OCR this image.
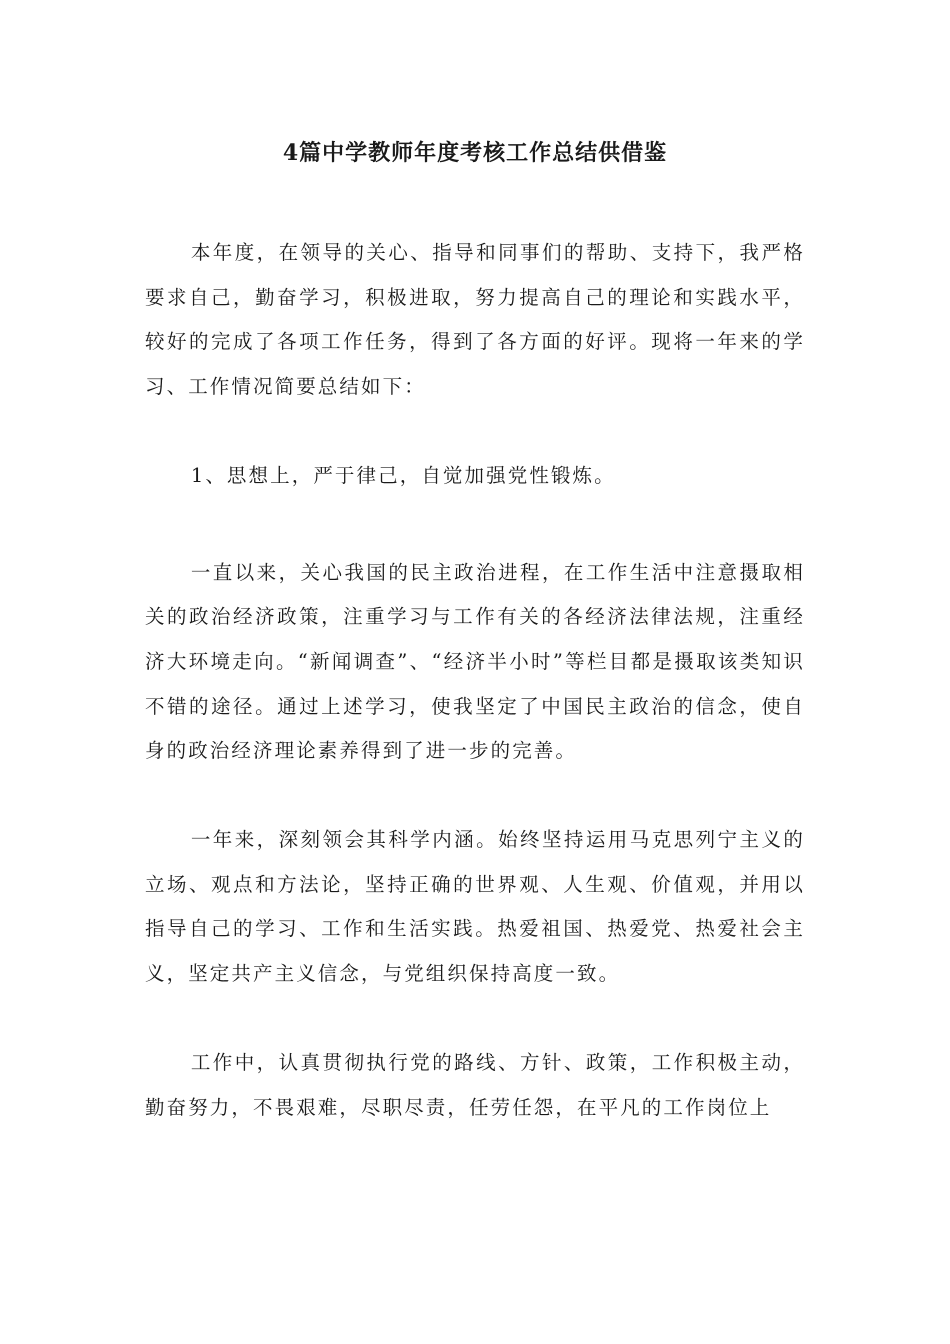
4篇中学教师年度考核工作总结供借鉴

本年度，在领导的关心、指导和同事们的帮助、支持下，我严格要求自己，勤奋学习，积极进取，努力提高自己的理论和实践水平，较好的完成了各项工作任务，得到了各方面的好评。现将一年来的学习、工作情况简要总结如下：

1、思想上，严于律己，自觉加强党性锻炼。

一直以来，关心我国的民主政治进程，在工作生活中注意摄取相关的政治经济政策，注重学习与工作有关的各经济法律法规，注重经济大环境走向。“新闻调查”、“经济半小时”等栏目都是摄取该类知识不错的途径。通过上述学习，使我坚定了中国民主政治的信念，使自身的政治经济理论素养得到了进一步的完善。

一年来，深刻领会其科学内涵。始终坚持运用马克思列宁主义的立场、观点和方法论，坚持正确的世界观、人生观、价值观，并用以指导自己的学习、工作和生活实践。热爱祖国、热爱党、热爱社会主义，坚定共产主义信念，与党组织保持高度一致。

工作中，认真贯彻执行党的路线、方针、政策，工作积极主动，勤奋努力，不畏艰难，尽职尽责，任劳任怨，在平凡的工作岗位上
